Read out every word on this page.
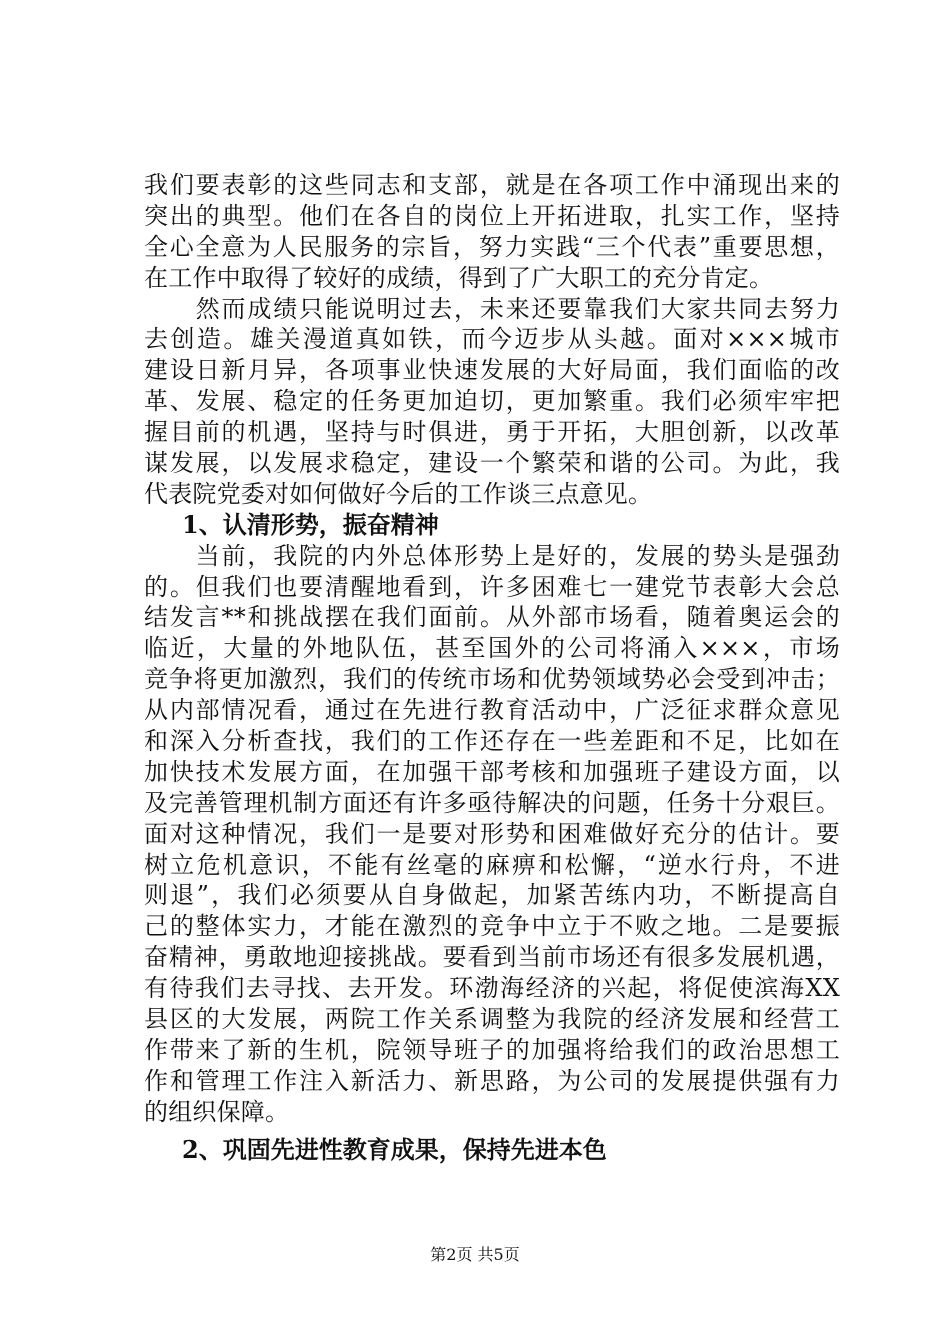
我们要表彰的这些同志和支部，就是在各项工作中涌现出来的
突出的典型。他们在各自的岗位上开拓进取，扎实工作，坚持
全心全意为人民服务的宗旨，努力实践“三个代表”重要思想，
在工作中取得了较好的成绩，得到了广大职工的充分肯定。
　　然而成绩只能说明过去，未来还要靠我们大家共同去努力
去创造。雄关漫道真如铁，而今迈步从头越。面对×××城市
建设日新月异，各项事业快速发展的大好局面，我们面临的改
革、发展、稳定的任务更加迫切，更加繁重。我们必须牢牢把
握目前的机遇，坚持与时俱进，勇于开拓，大胆创新，以改革
谋发展，以发展求稳定，建设一个繁荣和谐的公司。为此，我
代表院党委对如何做好今后的工作谈三点意见。
1、认清形势，振奋精神
　　当前，我院的内外总体形势上是好的，发展的势头是强劲
的。但我们也要清醒地看到，许多困难七一建党节表彰大会总
结发言**和挑战摆在我们面前。从外部市场看，随着奥运会的
临近，大量的外地队伍，甚至国外的公司将涌入×××，市场
竞争将更加激烈，我们的传统市场和优势领域势必会受到冲击；
从内部情况看，通过在先进行教育活动中，广泛征求群众意见
和深入分析查找，我们的工作还存在一些差距和不足，比如在
加快技术发展方面，在加强干部考核和加强班子建设方面，以
及完善管理机制方面还有许多亟待解决的问题，任务十分艰巨。
面对这种情况，我们一是要对形势和困难做好充分的估计。要
树立危机意识，不能有丝毫的麻痹和松懈，“逆水行舟，不进
则退”，我们必须要从自身做起，加紧苦练内功，不断提高自
己的整体实力，才能在激烈的竞争中立于不败之地。二是要振
奋精神，勇敢地迎接挑战。要看到当前市场还有很多发展机遇，
有待我们去寻找、去开发。环渤海经济的兴起，将促使滨海XX
县区的大发展，两院工作关系调整为我院的经济发展和经营工
作带来了新的生机，院领导班子的加强将给我们的政治思想工
作和管理工作注入新活力、新思路，为公司的发展提供强有力
的组织保障。
2、巩固先进性教育成果，保持先进本色
第2页 共5页
